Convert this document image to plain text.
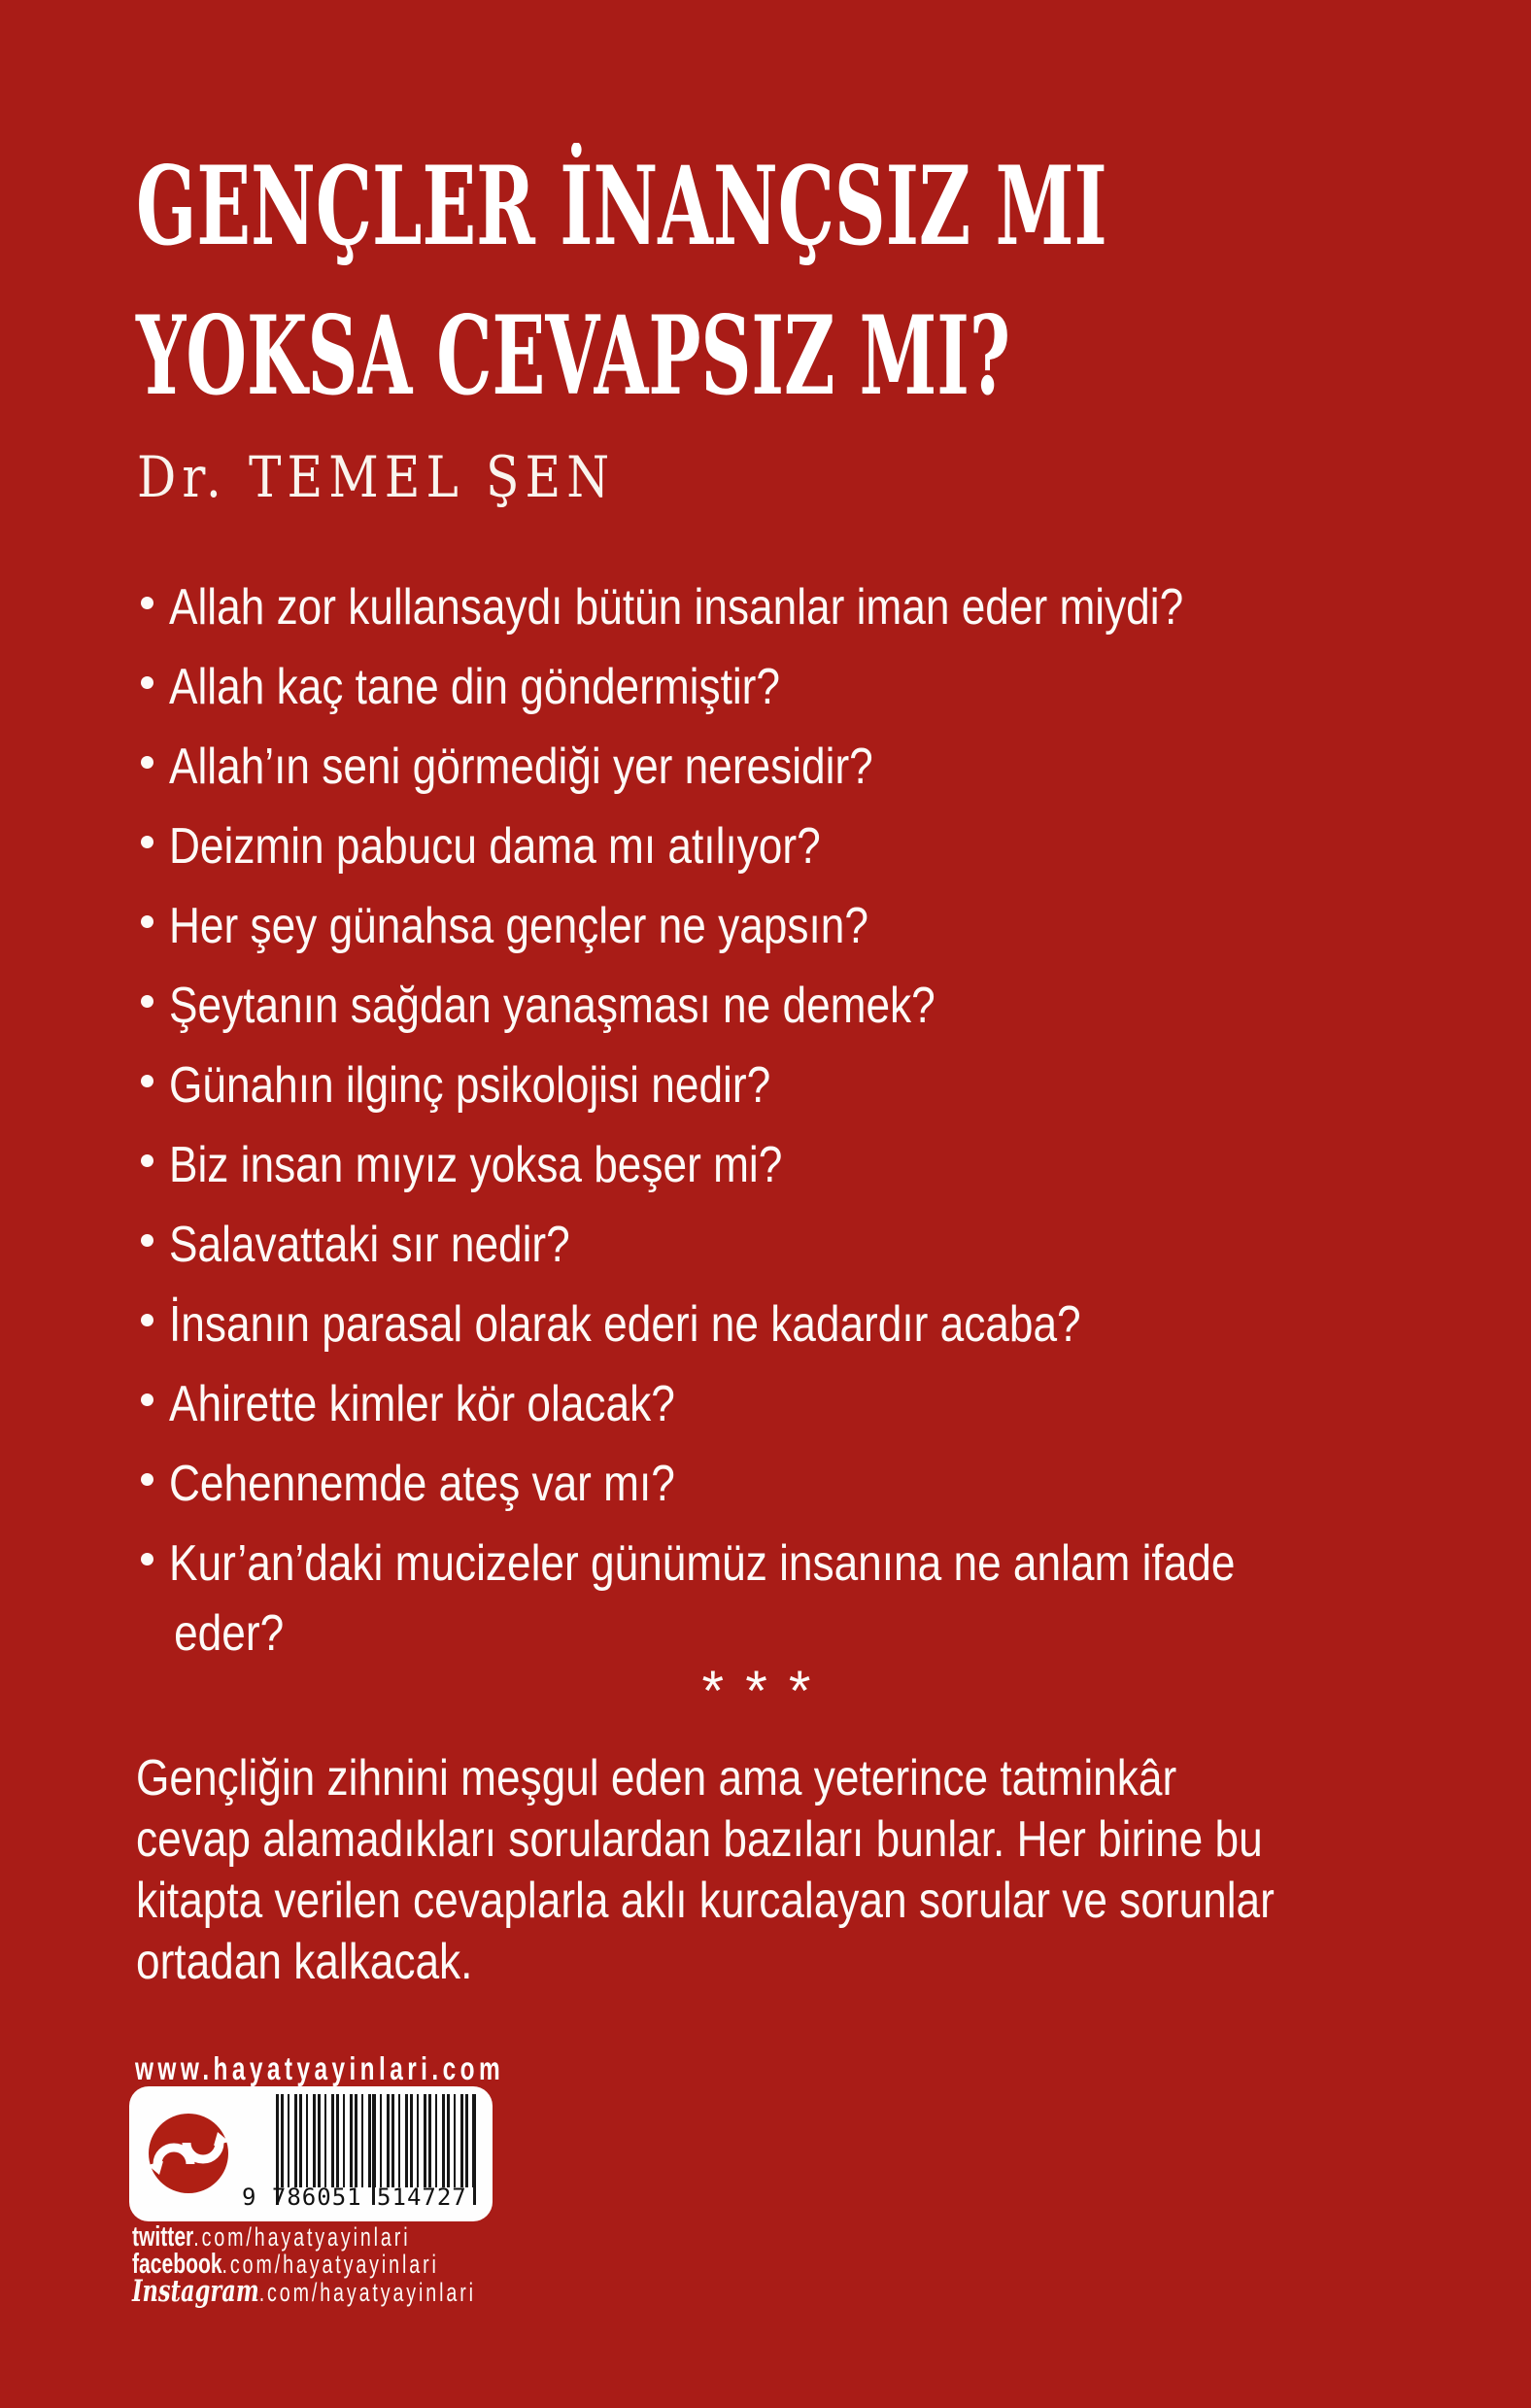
GENÇLER İNANÇSIZ MI
YOKSA CEVAPSIZ MI?
Dr. TEMEL ŞEN
Allah zor kullansaydı bütün insanlar iman eder miydi?
Allah kaç tane din göndermiştir?
Allah’ın seni görmediği yer neresidir?
Deizmin pabucu dama mı atılıyor?
Her şey günahsa gençler ne yapsın?
Şeytanın sağdan yanaşması ne demek?
Günahın ilginç psikolojisi nedir?
Biz insan mıyız yoksa beşer mi?
Salavattaki sır nedir?
İnsanın parasal olarak ederi ne kadardır acaba?
Ahirette kimler kör olacak?
Cehennemde ateş var mı?
Kur’an’daki mucizeler günümüz insanına ne anlam ifade
eder?
* * *
Gençliğin zihnini meşgul eden ama yeterince tatminkâr
cevap alamadıkları sorulardan bazıları bunlar. Her birine bu
kitapta verilen cevaplarla aklı kurcalayan sorular ve sorunlar
ortadan kalkacak.
www.hayatyayinlari.com
9 786051 514727
twitter.com/hayatyayinlari
facebook.com/hayatyayinlari
Instagram.com/hayatyayinlari
